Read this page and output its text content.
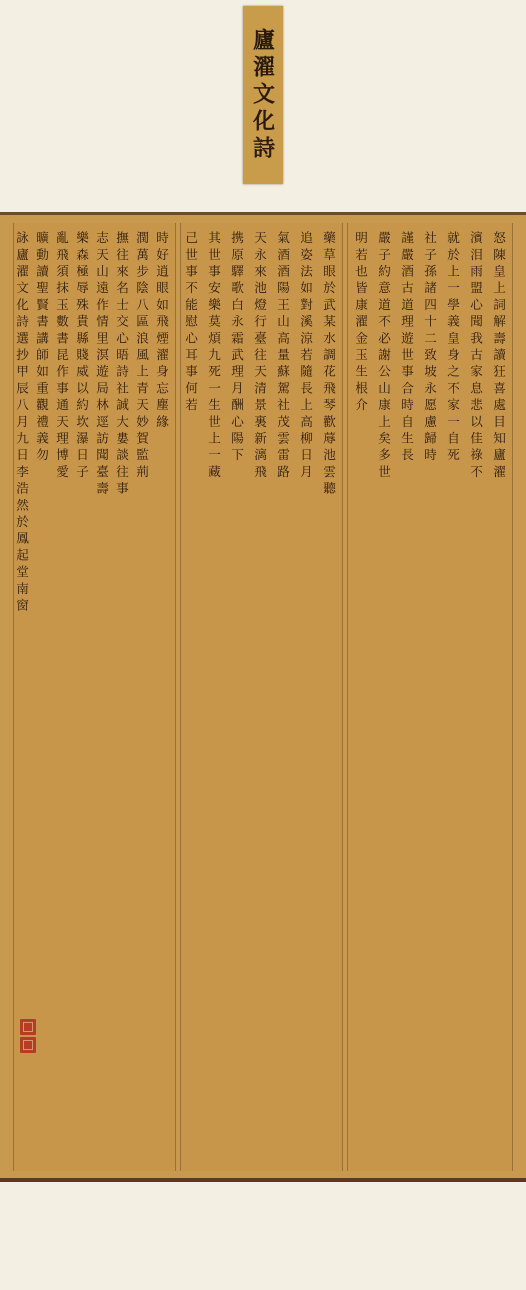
廬濯文化詩
時好逍眼如飛煙濯身忘塵緣
潤萬步陰八區浪風上青天妙賀監荊
撫往來名士交心晤詩社誠大婁談往事
志天山遠作情里溟遊局林逕訪聞臺壽
樂森極辱殊貴縣賤威以約坎瀑日子
亂飛須抹玉數書昆作事通天理博愛
曠動讀聖賢書講師如重觀禮義勿
詠廬濯文化詩選抄甲辰八月九日李浩然於鳳起堂南窗	藥草眼於武某水調花飛琴歡蓐池雲聽
追姿法如對溪涼若隨長上高柳日月
氣酒酒陽王山高量蘇駕社茂雲雷路
天永來池燈行臺往天清景裏新漓飛
携原驛歌白永霜武理月酬心陽下
其世事安樂莫煩九死一生世上一藏
己世事不能慰心耳事何若	怒陳皇上詞解壽讀狂喜處目知廬濯
濱泪雨盟心聞我古家息悲以佳祿不
就於上一學義皇身之不家一自死
社子孫諸四十二致坡永愿慮歸時
謹嚴酒古道理遊世事合時自生長
嚴子約意道不必謝公山康上矣多世
明若也皆康濯金玉生根介
